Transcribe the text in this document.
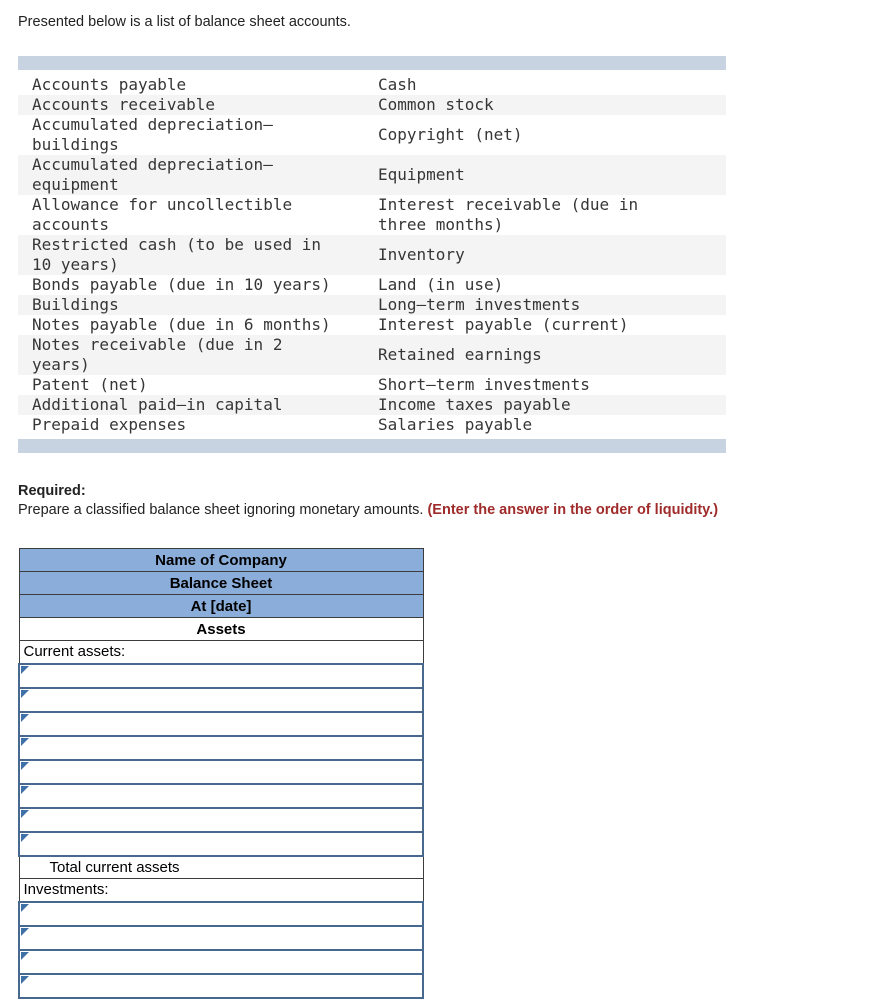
Presented below is a list of balance sheet accounts.

Accounts payable	Cash
Accounts receivable	Common stock
Accumulated depreciation–buildings	Copyright (net)
Accumulated depreciation–equipment	Equipment
Allowance for uncollectible accounts	Interest receivable (due in three months)
Restricted cash (to be used in 10 years)	Inventory
Bonds payable (due in 10 years)	Land (in use)
Buildings	Long–term investments
Notes payable (due in 6 months)	Interest payable (current)
Notes receivable (due in 2 years)	Retained earnings
Patent (net)	Short–term investments
Additional paid–in capital	Income taxes payable
Prepaid expenses	Salaries payable

Required:

Prepare a classified balance sheet ignoring monetary amounts. (Enter the answer in the order of liquidity.)

Name of Company
Balance Sheet
At [date]
Assets
Current assets:

Total current assets
Investments:
